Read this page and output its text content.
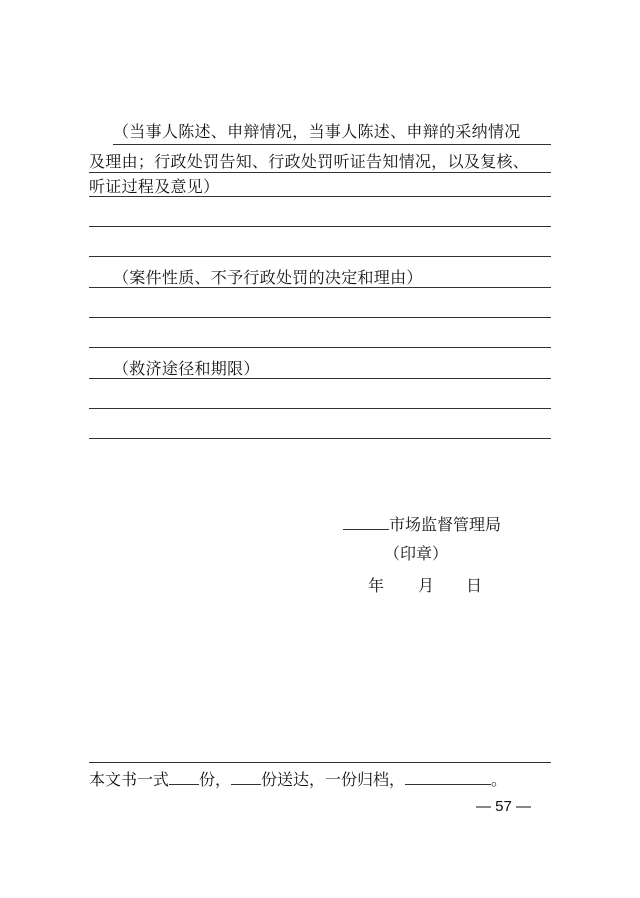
（当事人陈述、申辩情况，当事人陈述、申辩的采纳情况
及理由；行政处罚告知、行政处罚听证告知情况，以及复核、
听证过程及意见）
（案件性质、不予行政处罚的决定和理由）
（救济途径和期限）
市场监督管理局
（印章）
年 月 日
本文书一式 份， 份送达，一份归档，	。
— 57 —
